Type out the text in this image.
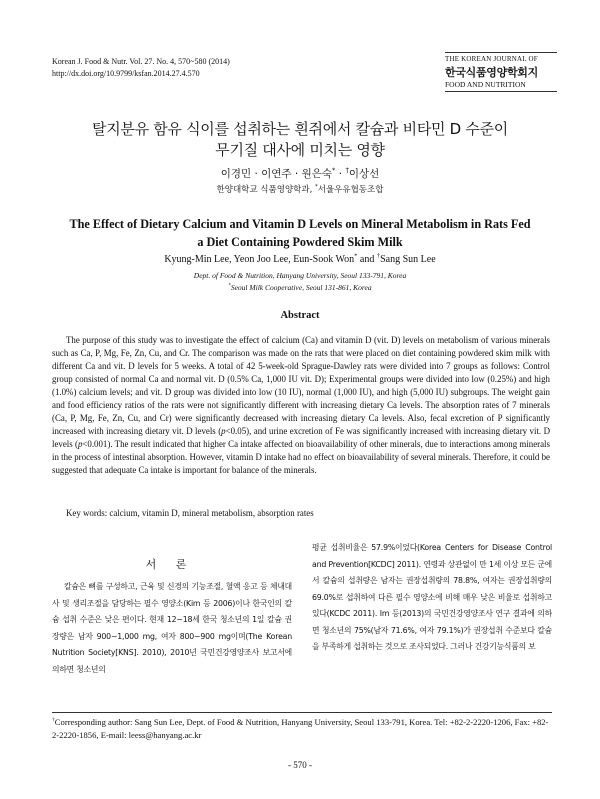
Korean J. Food & Nutr. Vol. 27. No. 4, 570~580 (2014)
http://dx.doi.org/10.9799/ksfan.2014.27.4.570
THE KOREAN JOURNAL OF
한국식품영양학회지
FOOD AND NUTRITION
탈지분유 함유 식이를 섭취하는 흰쥐에서 칼슘과 비타민 D 수준이
무기질 대사에 미치는 영향
이경민 · 이연주 · 원은숙* · †이상선
한양대학교 식품영양학과, *서울우유협동조합
The Effect of Dietary Calcium and Vitamin D Levels on Mineral Metabolism in Rats Fed
a Diet Containing Powdered Skim Milk
Kyung-Min Lee, Yeon Joo Lee, Eun-Sook Won* and †Sang Sun Lee
Dept. of Food & Nutrition, Hanyang University, Seoul 133-791, Korea
*Seoul Milk Cooperative, Seoul 131-861, Korea
Abstract
The purpose of this study was to investigate the effect of calcium (Ca) and vitamin D (vit. D) levels on metabolism of various minerals such as Ca, P, Mg, Fe, Zn, Cu, and Cr. The comparison was made on the rats that were placed on diet containing powdered skim milk with different Ca and vit. D levels for 5 weeks. A total of 42 5-week-old Sprague-Dawley rats were divided into 7 groups as follows: Control group consisted of normal Ca and normal vit. D (0.5% Ca, 1,000 IU vit. D); Experimental groups were divided into low (0.25%) and high (1.0%) calcium levels; and vit. D group was divided into low (10 IU), normal (1,000 IU), and high (5,000 IU) subgroups. The weight gain and food efficiency ratios of the rats were not significantly different with increasing dietary Ca levels. The absorption rates of 7 minerals (Ca, P, Mg, Fe, Zn, Cu, and Cr) were significantly decreased with increasing dietary Ca levels. Also, fecal excretion of P significantly increased with increasing dietary vit. D levels (p<0.05), and urine excretion of Fe was significantly increased with increasing dietary vit. D levels (p<0.001). The result indicated that higher Ca intake affected on bioavailability of other minerals, due to interactions among minerals in the process of intestinal absorption. However, vitamin D intake had no effect on bioavailability of several minerals. Therefore, it could be suggested that adequate Ca intake is important for balance of the minerals.
Key words: calcium, vitamin D, mineral metabolism, absorption rates
서 론
칼슘은 뼈를 구성하고, 근육 및 신경의 기능조절, 혈액 응고 등 체내대사 및 생리조절을 담당하는 필수 영양소(Kim 등 2006)이나 한국인의 칼슘 섭취 수준은 낮은 편이다. 현재 12~18세 한국 청소년의 1일 칼슘 권장량은 남자 900~1,000 mg, 여자 800~900 mg이며(The Korean Nutrition Society[KNS]. 2010), 2010년 국민건강영양조사 보고서에 의하면 청소년의
평균 섭취비율은 57.9%이었다(Korea Centers for Disease Control and Prevention[KCDC] 2011). 연령과 상관없이 만 1세 이상 모든 군에서 칼슘의 섭취량은 남자는 권장섭취량의 78.8%, 여자는 권장섭취량의 69.0%로 섭취하여 다른 필수 영양소에 비해 매우 낮은 비율로 섭취하고 있다(KCDC 2011). Im 등(2013)의 국민건강영양조사 연구 결과에 의하면 청소년의 75%(남자 71.6%, 여자 79.1%)가 권장섭취 수준보다 칼슘을 부족하게 섭취하는 것으로 조사되었다. 그러나 건강기능식품의 보
†Corresponding author: Sang Sun Lee, Dept. of Food & Nutrition, Hanyang University, Seoul 133-791, Korea. Tel: +82-2-2220-1206, Fax: +82-2-2220-1856, E-mail: leess@hanyang.ac.kr
- 570 -
